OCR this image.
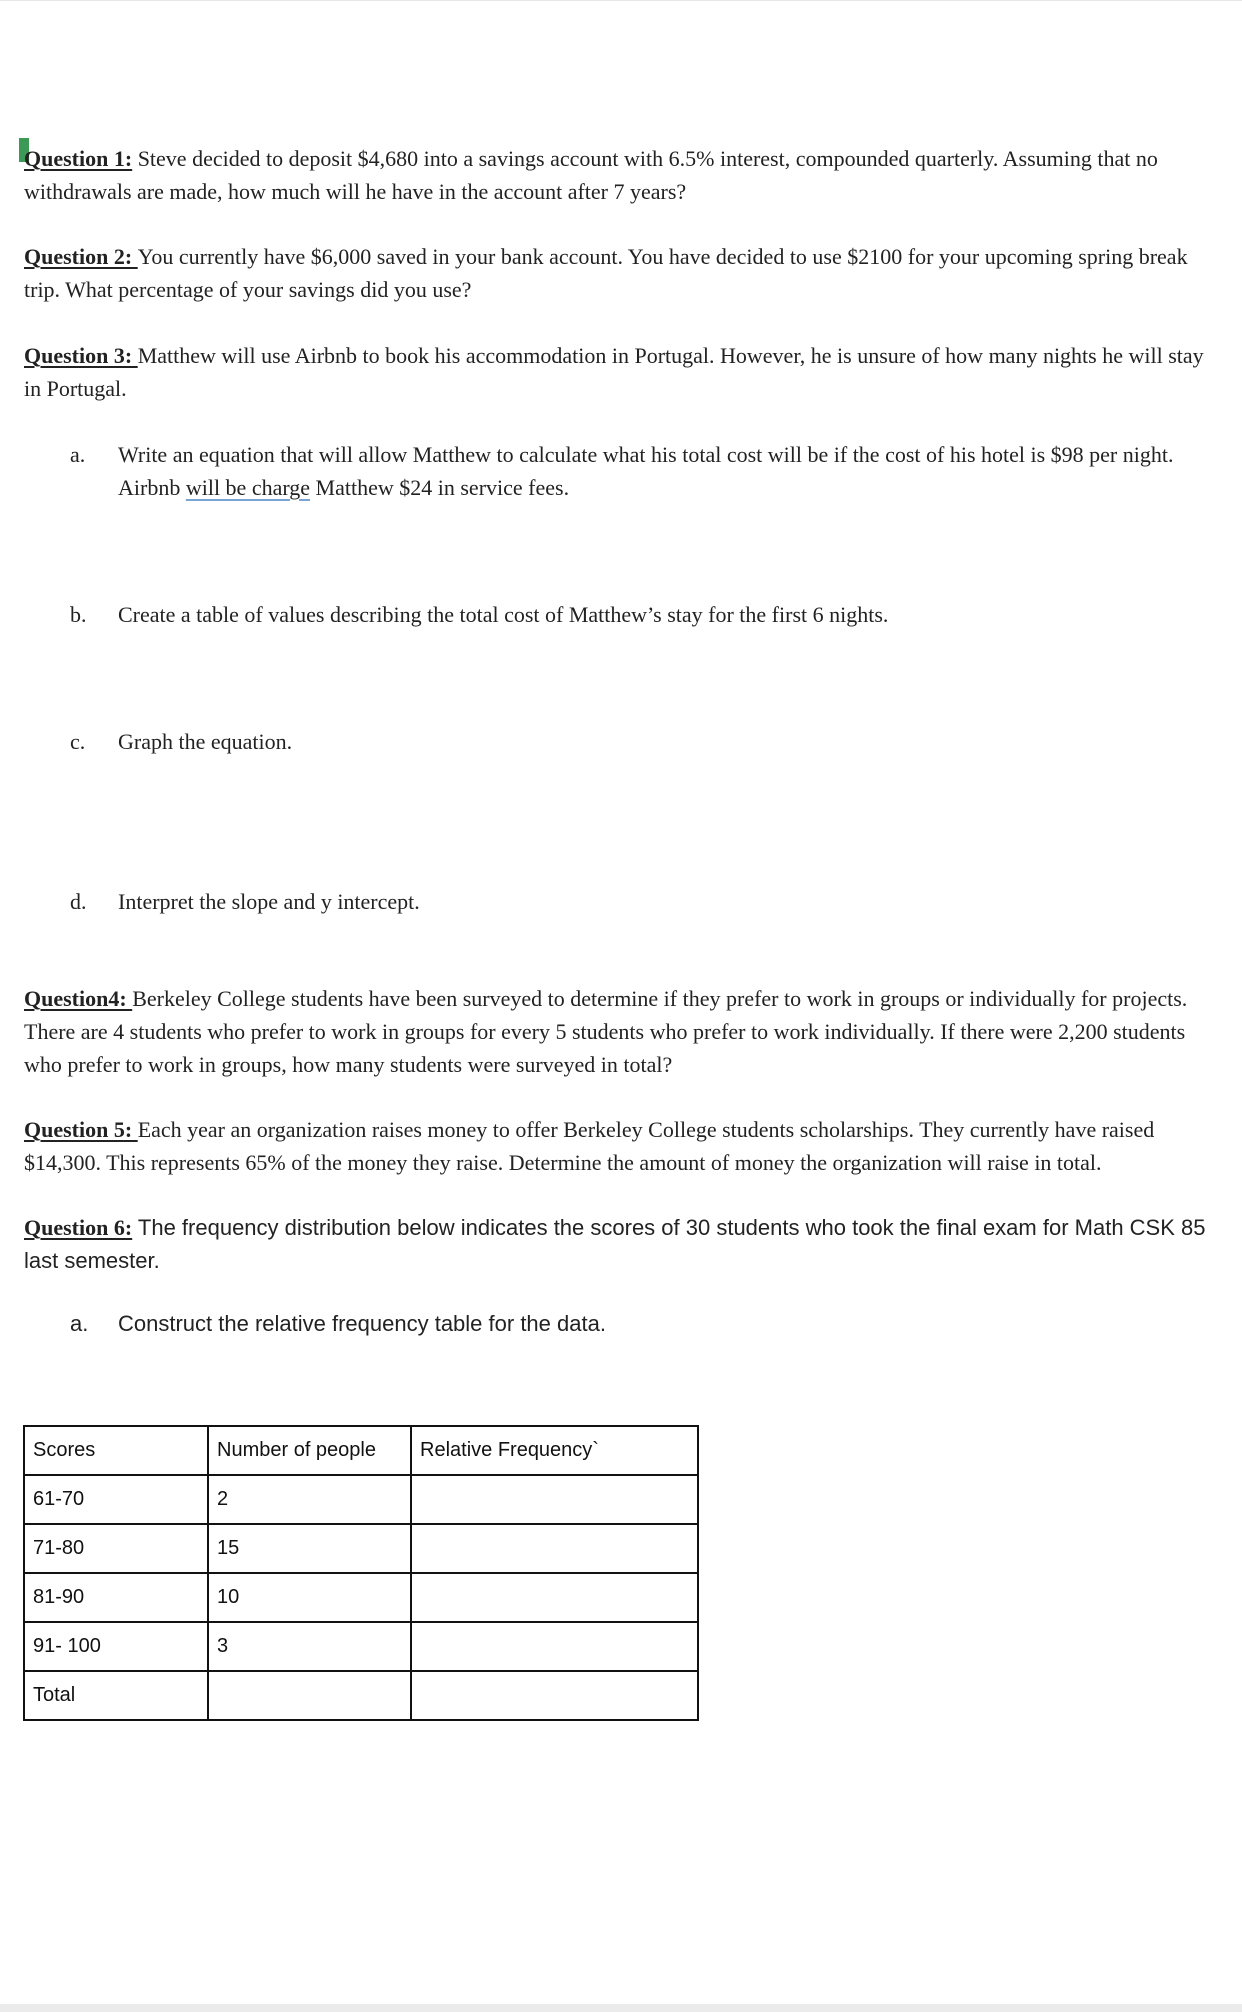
Question 1: Steve decided to deposit $4,680 into a savings account with 6.5% interest, compounded quarterly. Assuming that no withdrawals are made, how much will he have in the account after 7 years?
Question 2: You currently have $6,000 saved in your bank account. You have decided to use $2100 for your upcoming spring break trip. What percentage of your savings did you use?
Question 3: Matthew will use Airbnb to book his accommodation in Portugal. However, he is unsure of how many nights he will stay in Portugal.
a. Write an equation that will allow Matthew to calculate what his total cost will be if the cost of his hotel is $98 per night. Airbnb will be charge Matthew $24 in service fees.
b. Create a table of values describing the total cost of Matthew’s stay for the first 6 nights.
c. Graph the equation.
d. Interpret the slope and y intercept.
Question4: Berkeley College students have been surveyed to determine if they prefer to work in groups or individually for projects. There are 4 students who prefer to work in groups for every 5 students who prefer to work individually. If there were 2,200 students who prefer to work in groups, how many students were surveyed in total?
Question 5: Each year an organization raises money to offer Berkeley College students scholarships. They currently have raised $14,300. This represents 65% of the money they raise. Determine the amount of money the organization will raise in total.
Question 6: The frequency distribution below indicates the scores of 30 students who took the final exam for Math CSK 85 last semester.
a. Construct the relative frequency table for the data.
Scores	Number of people	Relative Frequency`
61-70	2	
71-80	15	
81-90	10	
91- 100	3	
Total		
